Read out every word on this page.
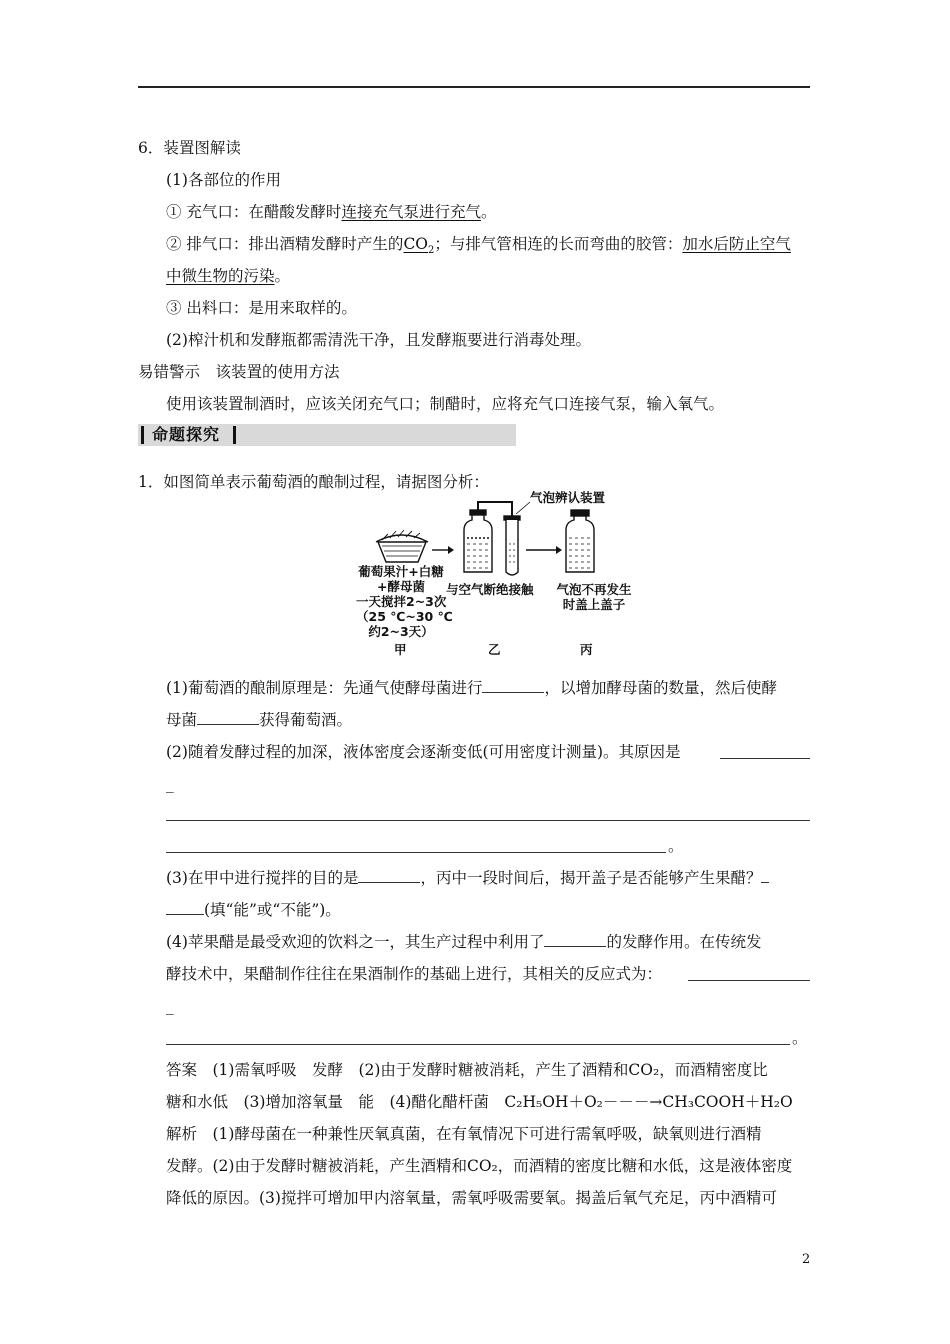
6．装置图解读
(1)各部位的作用
① 充气口：在醋酸发酵时连接充气泵进行充气。
② 排气口：排出酒精发酵时产生的$CO_2$；与排气管相连的长而弯曲的胶管：加水后防止空气
中微生物的污染。
③ 出料口：是用来取样的。
(2)榨汁机和发酵瓶都需清洗干净，且发酵瓶要进行消毒处理。
易错警示　该装置的使用方法
使用该装置制酒时，应该关闭充气口；制醋时，应将充气口连接气泵，输入氧气。
命题探究
1．如图简单表示葡萄酒的酿制过程，请据图分析：
气泡辨认装置
葡萄果汁+白糖
+酵母菌
一天搅拌2~3次
（25 ℃~30 ℃
约2~3天）
与空气断绝接触 气泡不再发生
时盖上盖子
甲	乙	丙
(1)葡萄酒的酿制原理是：先通气使酵母菌进行	，以增加酵母菌的数量，然后使酵
母菌	获得葡萄酒。
(2)随着发酵过程的加深，液体密度会逐渐变低(可用密度计测量)。其原因是
_
。
(3)在甲中进行搅拌的目的是	，丙中一段时间后，揭开盖子是否能够产生果醋？
(填“能”或“不能”)。
(4)苹果醋是最受欢迎的饮料之一，其生产过程中利用了	的发酵作用。在传统发
酵技术中，果醋制作往往在果酒制作的基础上进行，其相关的反应式为：
_
。
答案　(1)需氧呼吸　发酵　(2)由于发酵时糖被消耗，产生了酒精和CO₂，而酒精密度比
糖和水低　(3)增加溶氧量　能　(4)醋化醋杆菌　C₂H₅OH＋O₂－－－→CH₃COOH＋H₂O
解析　(1)酵母菌在一种兼性厌氧真菌，在有氧情况下可进行需氧呼吸，缺氧则进行酒精
发酵。(2)由于发酵时糖被消耗，产生酒精和CO₂，而酒精的密度比糖和水低，这是液体密度
降低的原因。(3)搅拌可增加甲内溶氧量，需氧呼吸需要氧。揭盖后氧气充足，丙中酒精可
2
